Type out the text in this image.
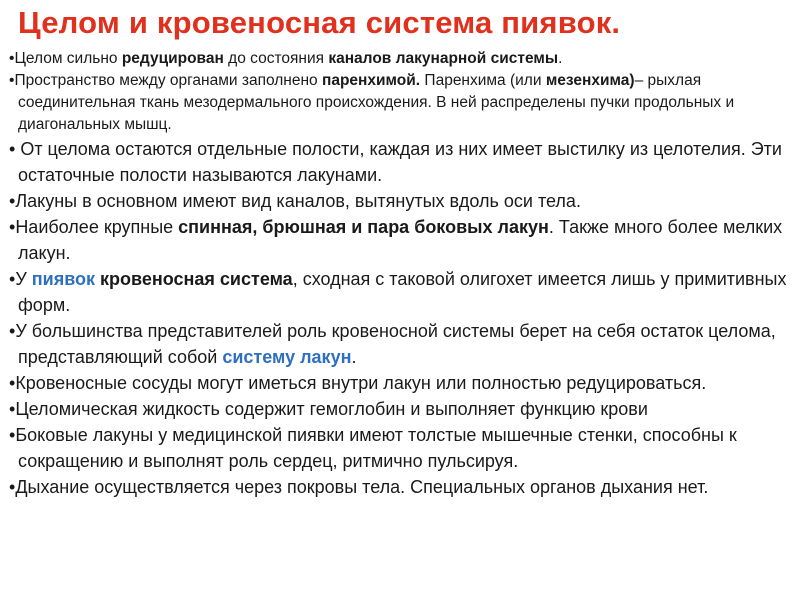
Целом и кровеносная система пиявок.

•Целом сильно редуцирован до состояния каналов лакунарной системы.

•Пространство между органами заполнено паренхимой. Паренхима (или мезенхима)– рыхлая соединительная ткань мезодермального происхождения. В ней распределены пучки продольных и диагональных мышц.

• От целома остаются отдельные полости, каждая из них имеет выстилку из целотелия. Эти остаточные полости называются лакунами.

•Лакуны в основном имеют вид каналов, вытянутых вдоль оси тела.

•Наиболее крупные спинная, брюшная и пара боковых лакун. Также много более мелких лакун.

•У пиявок кровеносная система, сходная с таковой олигохет имеется лишь у примитивных форм.

•У большинства представителей роль кровеносной системы берет на себя остаток целома, представляющий собой систему лакун.

•Кровеносные сосуды могут иметься внутри лакун или полностью редуцироваться.

•Целомическая жидкость содержит гемоглобин и выполняет функцию крови

•Боковые лакуны у медицинской пиявки имеют толстые мышечные стенки, способны к сокращению и выполнят роль сердец, ритмично пульсируя.

•Дыхание осуществляется через покровы тела. Специальных органов дыхания нет.
